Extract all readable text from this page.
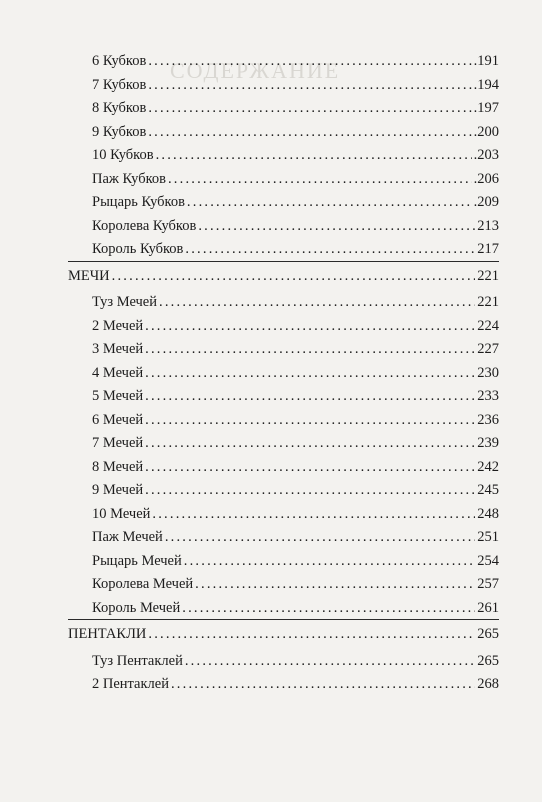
СОДЕРЖАНИЕ
6 Кубков .....	.191
7 Кубков .....	.194
8 Кубков .....	.197
9 Кубков .....	.200
10 Кубков .....	.203
Паж Кубков .....	.206
Рыцарь Кубков .....	.209
Королева Кубков .....	213
Король Кубков .....	217
МЕЧИ .....	221
Туз Мечей .....	221
2 Мечей .....	224
3 Мечей .....	227
4 Мечей .....	230
5 Мечей .....	233
6 Мечей .....	236
7 Мечей .....	239
8 Мечей .....	242
9 Мечей .....	245
10 Мечей .....	248
Паж Мечей .....	251
Рыцарь Мечей .....	254
Королева Мечей .....	257
Король Мечей .....	261
ПЕНТАКЛИ .....	265
Туз Пентаклей .....	265
2 Пентаклей .....	268
